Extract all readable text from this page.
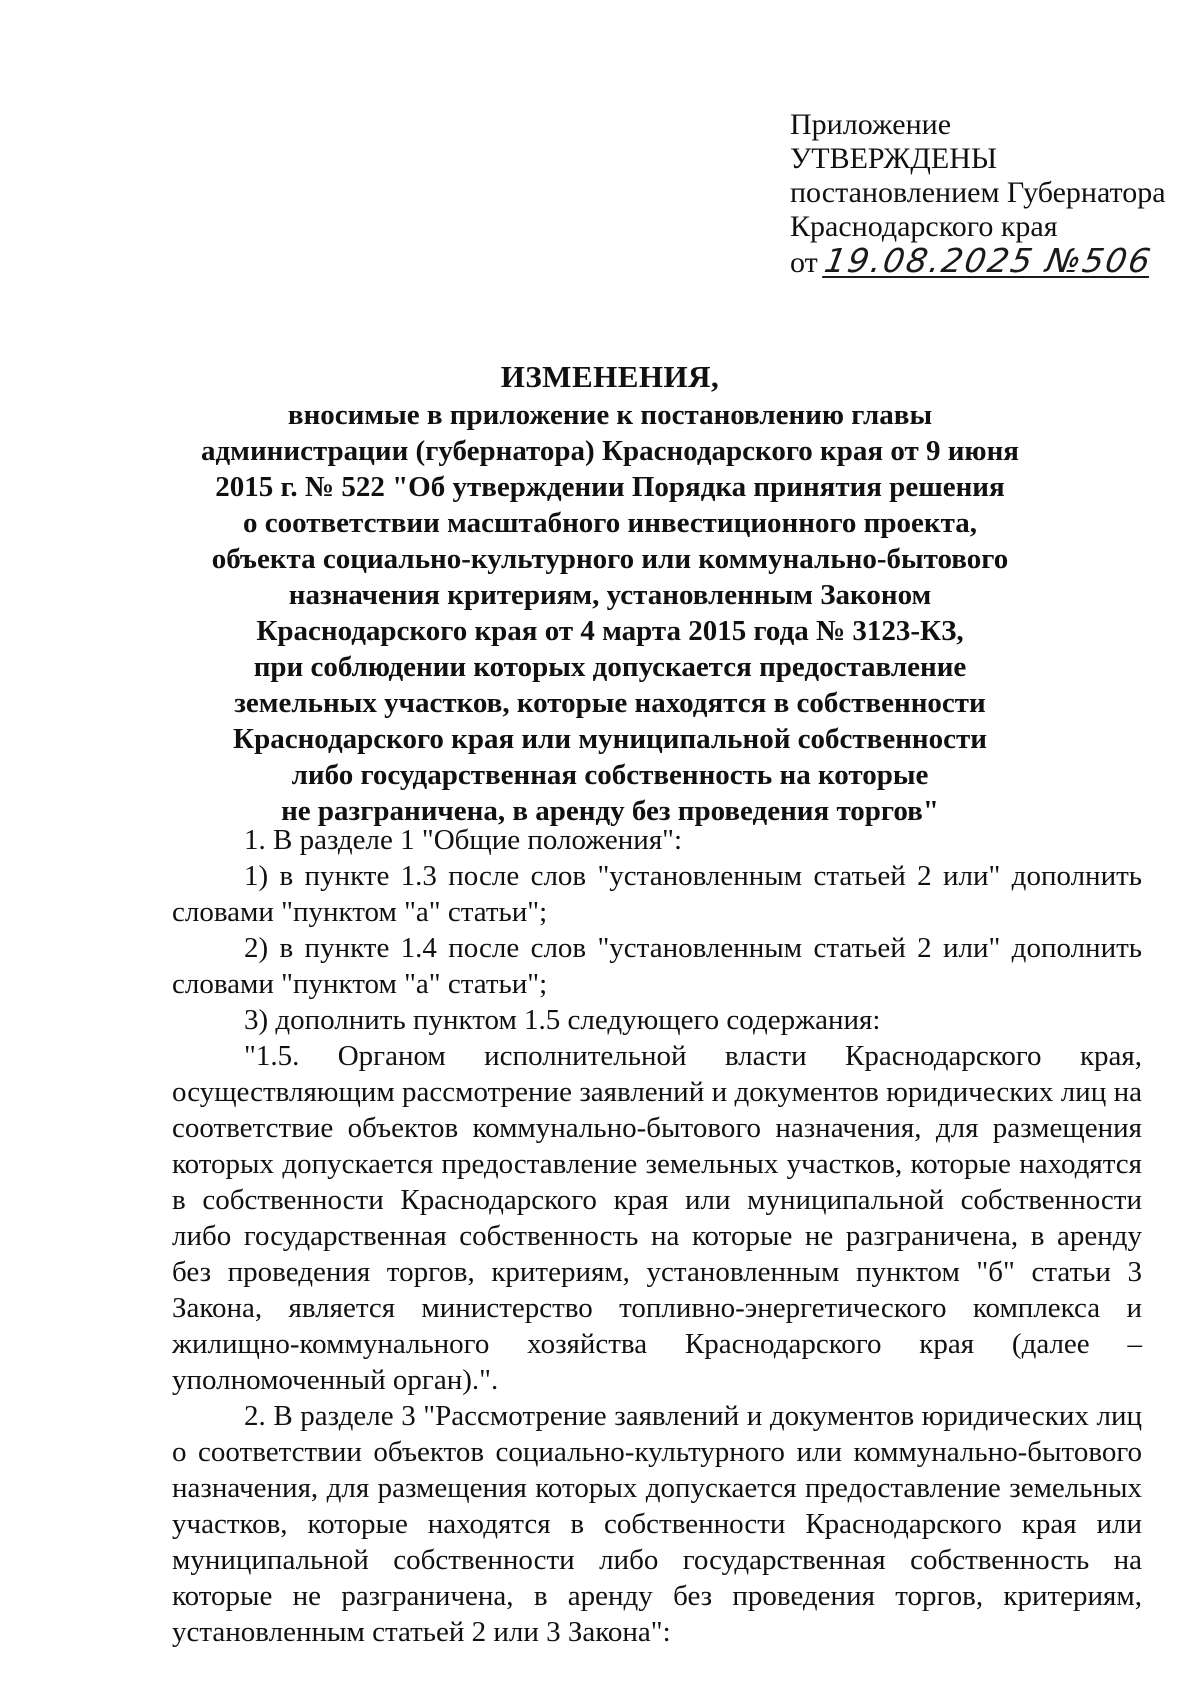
Приложение

УТВЕРЖДЕНЫ

постановлением Губернатора

Краснодарского края

от 19.08.2025 №506

ИЗМЕНЕНИЯ,

вносимые в приложение к постановлению главы

администрации (губернатора) Краснодарского края от 9 июня

2015 г. № 522 "Об утверждении Порядка принятия решения

о соответствии масштабного инвестиционного проекта,

объекта социально-культурного или коммунально-бытового

назначения критериям, установленным Законом

Краснодарского края от 4 марта 2015 года № 3123-КЗ,

при соблюдении которых допускается предоставление

земельных участков, которые находятся в собственности

Краснодарского края или муниципальной собственности

либо государственная собственность на которые

не разграничена, в аренду без проведения торгов"

1. В разделе 1 "Общие положения":

1) в пункте 1.3 после слов "установленным статьей 2 или" дополнить словами "пунктом "а" статьи";

2) в пункте 1.4 после слов "установленным статьей 2 или" дополнить словами "пунктом "а" статьи";

3) дополнить пунктом 1.5 следующего содержания:

"1.5. Органом исполнительной власти Краснодарского края, осуществляющим рассмотрение заявлений и документов юридических лиц на соответствие объектов коммунально-бытового назначения, для размещения которых допускается предоставление земельных участков, которые находятся в собственности Краснодарского края или муниципальной собственности либо государственная собственность на которые не разграничена, в аренду без проведения торгов, критериям, установленным пунктом "б" статьи 3 Закона, является министерство топливно-энергетического комплекса и жилищно-коммунального хозяйства Краснодарского края (далее – уполномоченный орган).".

2. В разделе 3 "Рассмотрение заявлений и документов юридических лиц о соответствии объектов социально-культурного или коммунально-бытового назначения, для размещения которых допускается предоставление земельных участков, которые находятся в собственности Краснодарского края или муниципальной собственности либо государственная собственность на которые не разграничена, в аренду без проведения торгов, критериям, установленным статьей 2 или 3 Закона":
